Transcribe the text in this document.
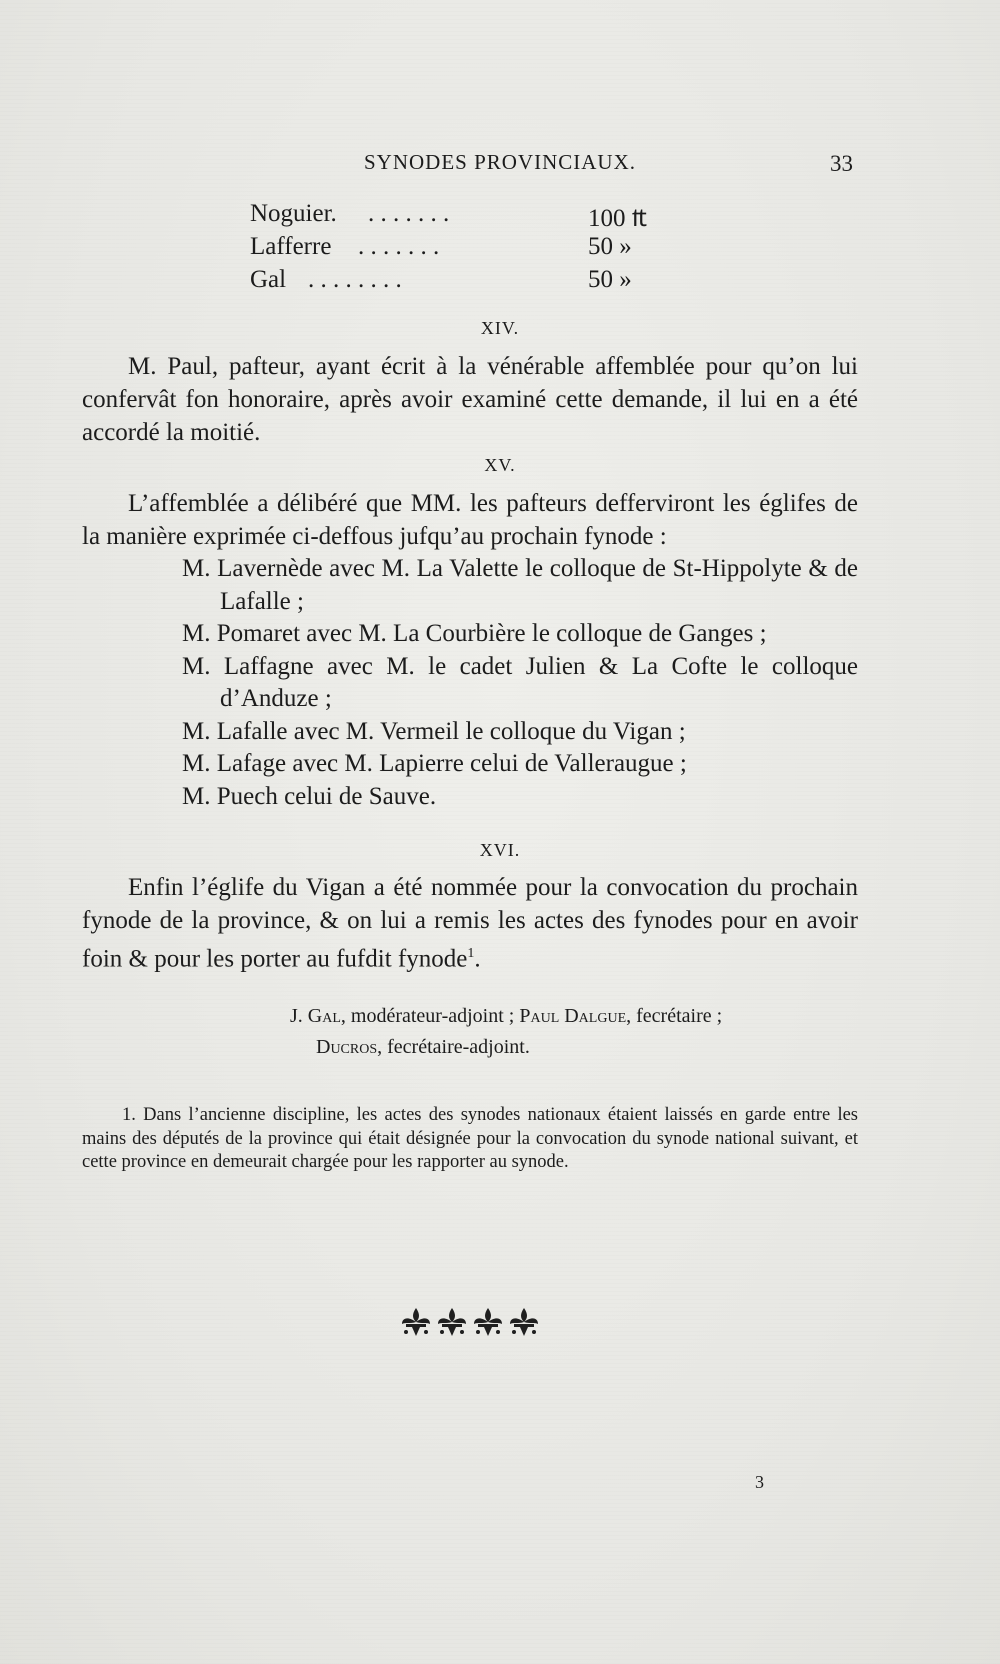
SYNODES PROVINCIAUX.	33
Noguier. . . . . . . .	100 ₶
Lafferre . . . . . . .	50 »
Gal . . . . . . . .	50 »
XIV.
M. Paul, pafteur, ayant écrit à la vénérable affemblée pour qu’on lui confervât fon honoraire, après avoir examiné cette demande, il lui en a été accordé la moitié.
XV.
L’affemblée a délibéré que MM. les pafteurs defferviront les églifes de la manière exprimée ci-deffous jufqu’au prochain fynode :
M. Lavernède avec M. La Valette le colloque de St-Hippolyte & de Lafalle ;
M. Pomaret avec M. La Courbière le colloque de Ganges ;
M. Laffagne avec M. le cadet Julien & La Cofte le colloque d’Anduze ;
M. Lafalle avec M. Vermeil le colloque du Vigan ;
M. Lafage avec M. Lapierre celui de Valleraugue ;
M. Puech celui de Sauve.
XVI.
Enfin l’églife du Vigan a été nommée pour la convocation du prochain fynode de la province, & on lui a remis les actes des fynodes pour en avoir foin & pour les porter au fufdit fynode$^1$.
J. Gal, modérateur-adjoint ; Paul Dalgue, fecrétaire ;
Ducros, fecrétaire-adjoint.
1. Dans l’ancienne discipline, les actes des synodes nationaux étaient laissés en garde entre les mains des députés de la province qui était désignée pour la convocation du synode national suivant, et cette province en demeurait chargée pour les rapporter au synode.
3
